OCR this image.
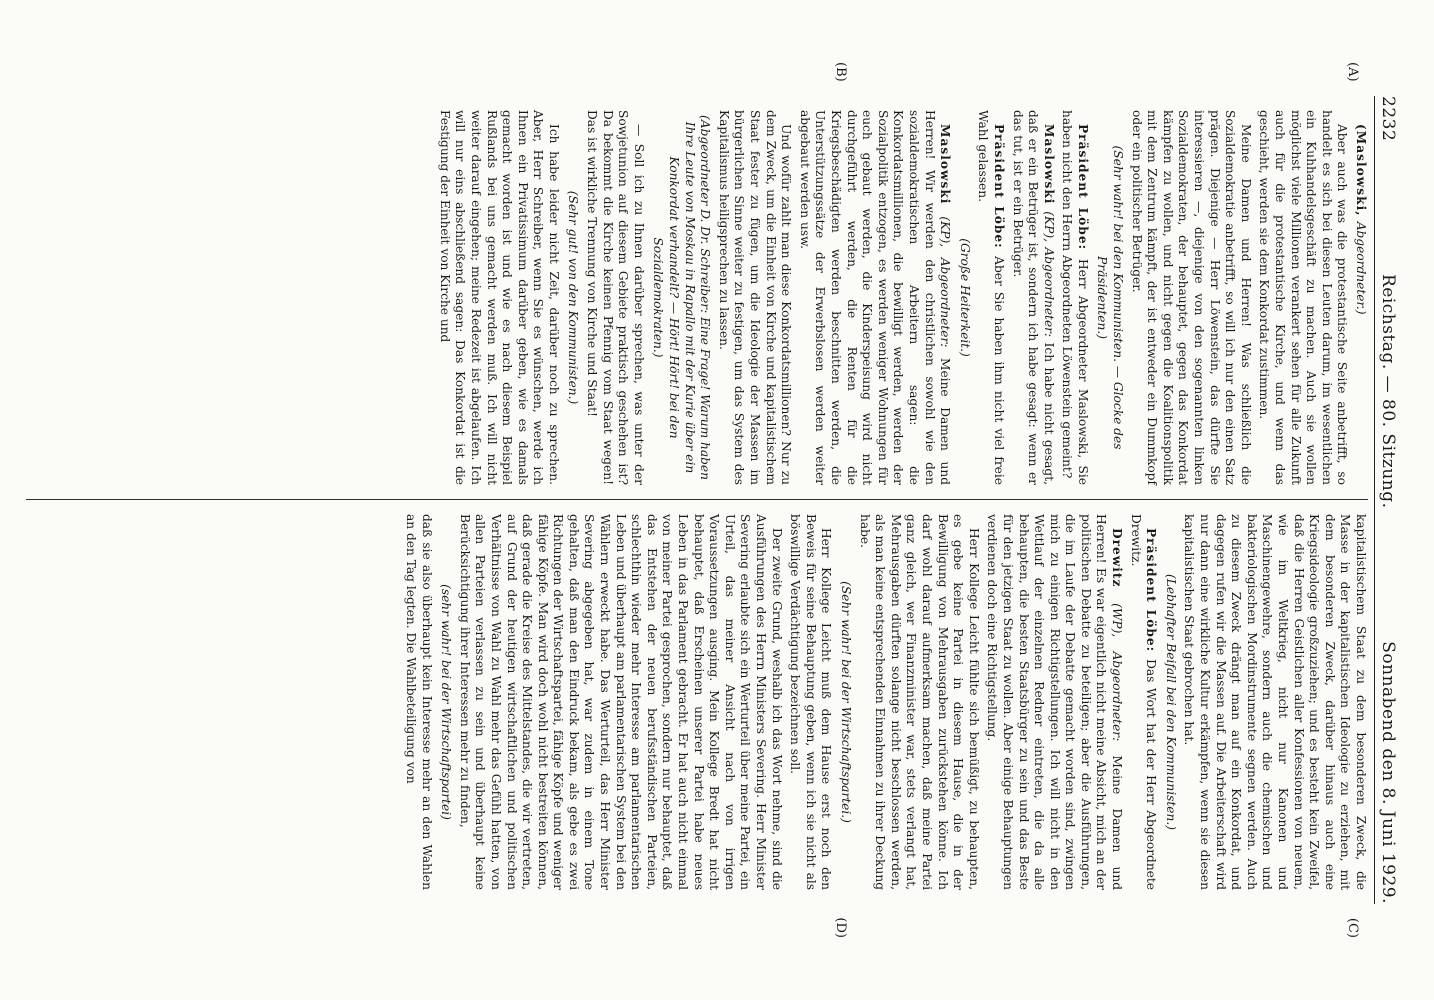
2232
Reichstag. — 80. Sitzung.
Sonnabend den 8. Juni 1929.
(A)
(B)
(C)
(D)

(Maslowski, Abgeordneter.)

Aber auch was die protestantische Seite anbetrifft, so handelt es sich bei diesen Leuten darum, im wesentlichen ein Kuhhandelsgeschäft zu machen. Auch sie wollen möglichst viele Millionen verankert sehen für alle Zukunft auch für die protestantische Kirche, und wenn das geschieht, werden sie dem Konkordat zustimmen.

Meine Damen und Herren! Was schließlich die Sozialdemokratie anbetrifft, so will ich nur den einen Satz prägen. Diejenige — Herr Löwenstein, das dürfte Sie interessieren —, diejenige von den sogenannten linken Sozialdemokraten, der behauptet, gegen das Konkordat kämpfen zu wollen, und nicht gegen die Koalitionspolitik mit dem Zentrum kämpft, der ist entweder ein Dummkopf oder ein politischer Betrüger.

(Sehr wahr! bei den Kommunisten. — Glocke des Präsidenten.)

Präsident Löbe: Herr Abgeordneter Maslowski, Sie haben nicht den Herrn Abgeordneten Löwenstein gemeint?

Maslowski (KP), Abgeordneter: Ich habe nicht gesagt, daß er ein Betrüger ist, sondern ich habe gesagt: wenn er das tut, ist er ein Betrüger.

Präsident Löbe: Aber Sie haben ihm nicht viel freie Wahl gelassen.

(Große Heiterkeit.)

Maslowski (KP), Abgeordneter: Meine Damen und Herren! Wir werden den christlichen sowohl wie den sozialdemokratischen Arbeitern sagen: die Konkordatsmillionen, die bewilligt werden, werden der Sozialpolitik entzogen, es werden weniger Wohnungen für euch gebaut werden, die Kinderspeisung wird nicht durchgeführt werden, die Renten für die Kriegsbeschädigten werden beschnitten werden, die Unterstützungssätze der Erwerbslosen werden weiter abgebaut werden usw.

Und wofür zahlt man diese Konkordatsmillionen? Nur zu dem Zweck, um die Einheit von Kirche und kapitalistischem Staat fester zu fügen, um die Ideologie der Massen im bürgerlichen Sinne weiter zu festigen, um das System des Kapitalismus heiligsprechen zu lassen.

(Abgeordneter D. Dr. Schreiber: Eine Frage! Warum haben Ihre Leute von Moskau in Rapallo mit der Kurie über ein Konkordat verhandelt? — Hört! Hört! bei den Sozialdemokraten.)

— Soll ich zu Ihnen darüber sprechen, was unter der Sowjetunion auf diesem Gebiete praktisch geschehen ist? Da bekommt die Kirche keinen Pfennig vom Staat wegen! Das ist wirkliche Trennung von Kirche und Staat!

(Sehr gut! von den Kommunisten.)

Ich habe leider nicht Zeit, darüber noch zu sprechen. Aber, Herr Schreiber, wenn Sie es wünschen, werde ich Ihnen ein Privatissimum darüber geben, wie es damals gemacht worden ist und wie es nach diesem Beispiel Rußlands bei uns gemacht werden muß. Ich will nicht weiter darauf eingehen; meine Redezeit ist abgelaufen. Ich will nur eins abschließend sagen: Das Konkordat ist die Festigung der Einheit von Kirche und

kapitalistischem Staat zu dem besonderen Zweck, die Masse in der kapitalistischen Ideologie zu erziehen, mit dem besonderen Zweck, darüber hinaus auch eine Kriegsideologie großzuziehen; und es besteht kein Zweifel, daß die Herren Geistlichen aller Konfessionen von neuem, wie im Weltkrieg, nicht nur Kanonen und Maschinengewehre, sondern auch die chemischen und bakteriologischen Mordinstrumente segnen werden. Auch zu diesem Zweck drängt man auf ein Konkordat, und dagegen rufen wir die Massen auf. Die Arbeiterschaft wird nur dann eine wirkliche Kultur erkämpfen, wenn sie diesen kapitalistischen Staat gebrochen hat.

(Lebhafter Beifall bei den Kommunisten.)

Präsident Löbe: Das Wort hat der Herr Abgeordnete Drewitz.

Drewitz (WP), Abgeordneter: Meine Damen und Herren! Es war eigentlich nicht meine Absicht, mich an der politischen Debatte zu beteiligen; aber die Ausführungen, die im Laufe der Debatte gemacht worden sind, zwingen mich zu einigen Richtigstellungen. Ich will nicht in den Wettlauf der einzelnen Redner eintreten, die da alle behaupten, die besten Staatsbürger zu sein und das Beste für den jetzigen Staat zu wollen. Aber einige Behauptungen verdienen doch eine Richtigstellung.

Herr Kollege Leicht fühlte sich bemüßigt, zu behaupten, es gebe keine Partei in diesem Hause, die in der Bewilligung von Mehrausgaben zurückstehen könne. Ich darf wohl darauf aufmerksam machen, daß meine Partei ganz gleich, wer Finanzminister war, stets verlangt hat, Mehrausgaben dürften solange nicht beschlossen werden, als man keine entsprechenden Einnahmen zu ihrer Deckung habe.

(Sehr wahr! bei der Wirtschaftspartei.)

Herr Kollege Leicht muß dem Hause erst noch den Beweis für seine Behauptung geben, wenn ich sie nicht als böswillige Verdächtigung bezeichnen soll.

Der zweite Grund, weshalb ich das Wort nehme, sind die Ausführungen des Herrn Ministers Severing. Herr Minister Severing erlaubte sich ein Werturteil über meine Partei, ein Urteil, das meiner Ansicht nach von irrigen Voraussetzungen ausging. Mein Kollege Bredt hat nicht behauptet, daß Erscheinen unserer Partei habe neues Leben in das Parlament gebracht. Er hat auch nicht einmal von meiner Partei gesprochen, sondern nur behauptet, daß das Entstehen der neuen berufsständischen Parteien, schlechthin wieder mehr Interesse am parlamentarischen Leben und überhaupt am parlamentarischen System bei den Wählern erweckt habe. Das Werturteil, das Herr Minister Severing abgegeben hat, war zudem in einem Tone gehalten, daß man den Eindruck bekam, als gebe es zwei Richtungen der Wirtschaftspartei, fähige Köpfe und weniger fähige Köpfe. Man wird doch wohl nicht bestreiten können, daß gerade die Kreise des Mittelstandes, die wir vertreten, auf Grund der heutigen wirtschaftlichen und politischen Verhältnisse von Wahl zu Wahl mehr das Gefühl hatten, von allen Parteien verlassen zu sein und überhaupt keine Berücksichtigung ihrer Interessen mehr zu finden,

(sehr wahr! bei der Wirtschaftspartei)

daß sie also überhaupt kein Interesse mehr an den Wahlen an den Tag legten. Die Wahlbeteiligung von
